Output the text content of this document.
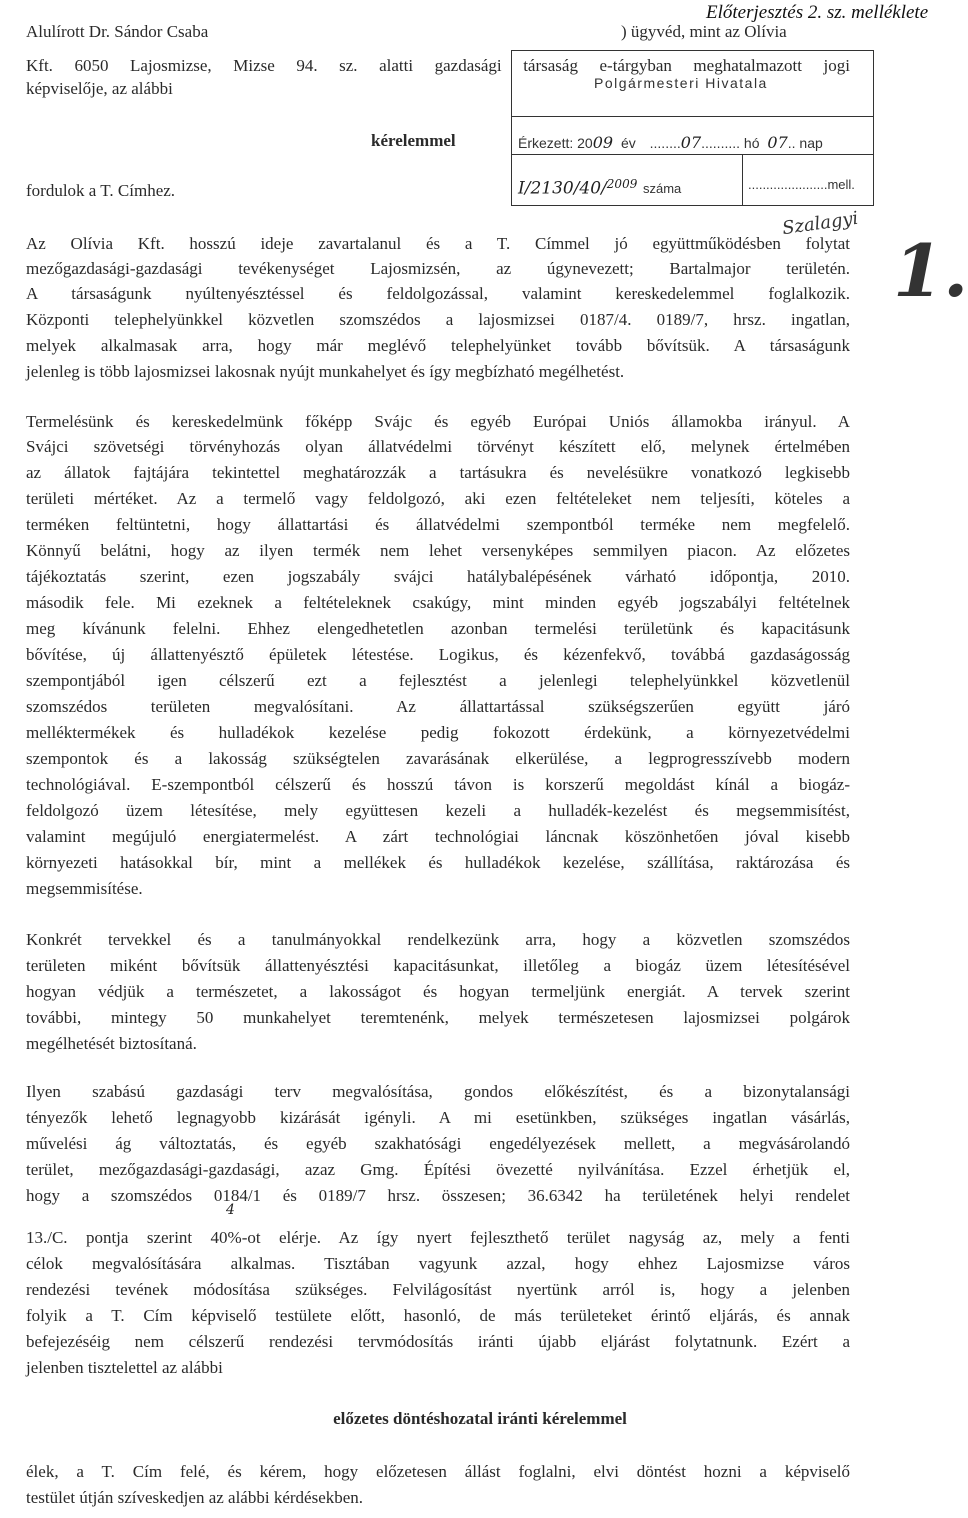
Előterjesztés 2. sz. melléklete
Alulírott Dr. Sándor Csaba	) ügyvéd, mint az Olívia
Kft. 6050 Lajosmizse, Mizse 94. sz. alatti gazdasági társaság e-tárgyban meghatalmazott jogi
képviselője, az alábbi
kérelemmel
fordulok a T. Címhez.
Polgármesteri Hivatala
Érkezett: 2009 év ........07.......... hó 07.. nap
I/2130/40/$^{2009}$ száma	......................mell.
1.
Szalagyi
Az Olívia Kft. hosszú ideje zavartalanul és a T. Címmel jó együttműködésben folytat
mezőgazdasági-gazdasági tevékenységet Lajosmizsén, az úgynevezett; Bartalmajor területén.
A társaságunk nyúltenyésztéssel és feldolgozással, valamint kereskedelemmel foglalkozik.
Központi telephelyünkkel közvetlen szomszédos a lajosmizsei 0187/4. 0189/7, hrsz. ingatlan,
melyek alkalmasak arra, hogy már meglévő telephelyünket tovább bővítsük. A társaságunk
jelenleg is több lajosmizsei lakosnak nyújt munkahelyet és így megbízható megélhetést.
Termelésünk és kereskedelmünk főképp Svájc és egyéb Európai Uniós államokba irányul. A
Svájci szövetségi törvényhozás olyan állatvédelmi törvényt készített elő, melynek értelmében
az állatok fajtájára tekintettel meghatározzák a tartásukra és nevelésükre vonatkozó legkisebb
területi mértéket. Az a termelő vagy feldolgozó, aki ezen feltételeket nem teljesíti, köteles a
terméken feltüntetni, hogy állattartási és állatvédelmi szempontból terméke nem megfelelő.
Könnyű belátni, hogy az ilyen termék nem lehet versenyképes semmilyen piacon. Az előzetes
tájékoztatás szerint, ezen jogszabály svájci hatálybalépésének várható időpontja, 2010.
második fele. Mi ezeknek a feltételeknek csakúgy, mint minden egyéb jogszabályi feltételnek
meg kívánunk felelni. Ehhez elengedhetetlen azonban termelési területünk és kapacitásunk
bővítése, új állattenyésztő épületek létestése. Logikus, és kézenfekvő, továbbá gazdaságosság
szempontjából igen célszerű ezt a fejlesztést a jelenlegi telephelyünkkel közvetlenül
szomszédos területen megvalósítani. Az állattartással szükségszerűen együtt járó
melléktermékek és hulladékok kezelése pedig fokozott érdekünk, a környezetvédelmi
szempontok és a lakosság szükségtelen zavarásának elkerülése, a legprogresszívebb modern
technológiával. E-szempontból célszerű és hosszú távon is korszerű megoldást kínál a biogáz-
feldolgozó üzem létesítése, mely együttesen kezeli a hulladék-kezelést és megsemmisítést,
valamint megújuló energiatermelést. A zárt technológiai láncnak köszönhetően jóval kisebb
környezeti hatásokkal bír, mint a mellékek és hulladékok kezelése, szállítása, raktározása és
megsemmisítése.
Konkrét tervekkel és a tanulmányokkal rendelkezünk arra, hogy a közvetlen szomszédos
területen miként bővítsük állattenyésztési kapacitásunkat, illetőleg a biogáz üzem létesítésével
hogyan védjük a természetet, a lakosságot és hogyan termeljünk energiát. A tervek szerint
további, mintegy 50 munkahelyet teremtenénk, melyek természetesen lajosmizsei polgárok
megélhetését biztosítaná.
Ilyen szabású gazdasági terv megvalósítása, gondos előkészítést, és a bizonytalansági
tényezők lehető legnagyobb kizárását igényli. A mi esetünkben, szükséges ingatlan vásárlás,
művelési ág változtatás, és egyéb szakhatósági engedélyezések mellett, a megvásárolandó
terület, mezőgazdasági-gazdasági, azaz Gmg. Építési övezetté nyilvánítása. Ezzel érhetjük el,
hogy a szomszédos 0184/1 és 0189/7 hrsz. összesen; 36.6342 ha területének helyi rendelet
4
13./C. pontja szerint 40%-ot elérje. Az így nyert fejleszthető terület nagyság az, mely a fenti
célok megvalósítására alkalmas. Tisztában vagyunk azzal, hogy ehhez Lajosmizse város
rendezési tevének módosítása szükséges. Felvilágosítást nyertünk arról is, hogy a jelenben
folyik a T. Cím képviselő testülete előtt, hasonló, de más területeket érintő eljárás, és annak
befejezéséig nem célszerű rendezési tervmódosítás iránti újabb eljárást folytatnunk. Ezért a
jelenben tisztelettel az alábbi
előzetes döntéshozatal iránti kérelemmel
élek, a T. Cím felé, és kérem, hogy előzetesen állást foglalni, elvi döntést hozni a képviselő
testület útján szíveskedjen az alábbi kérdésekben.
